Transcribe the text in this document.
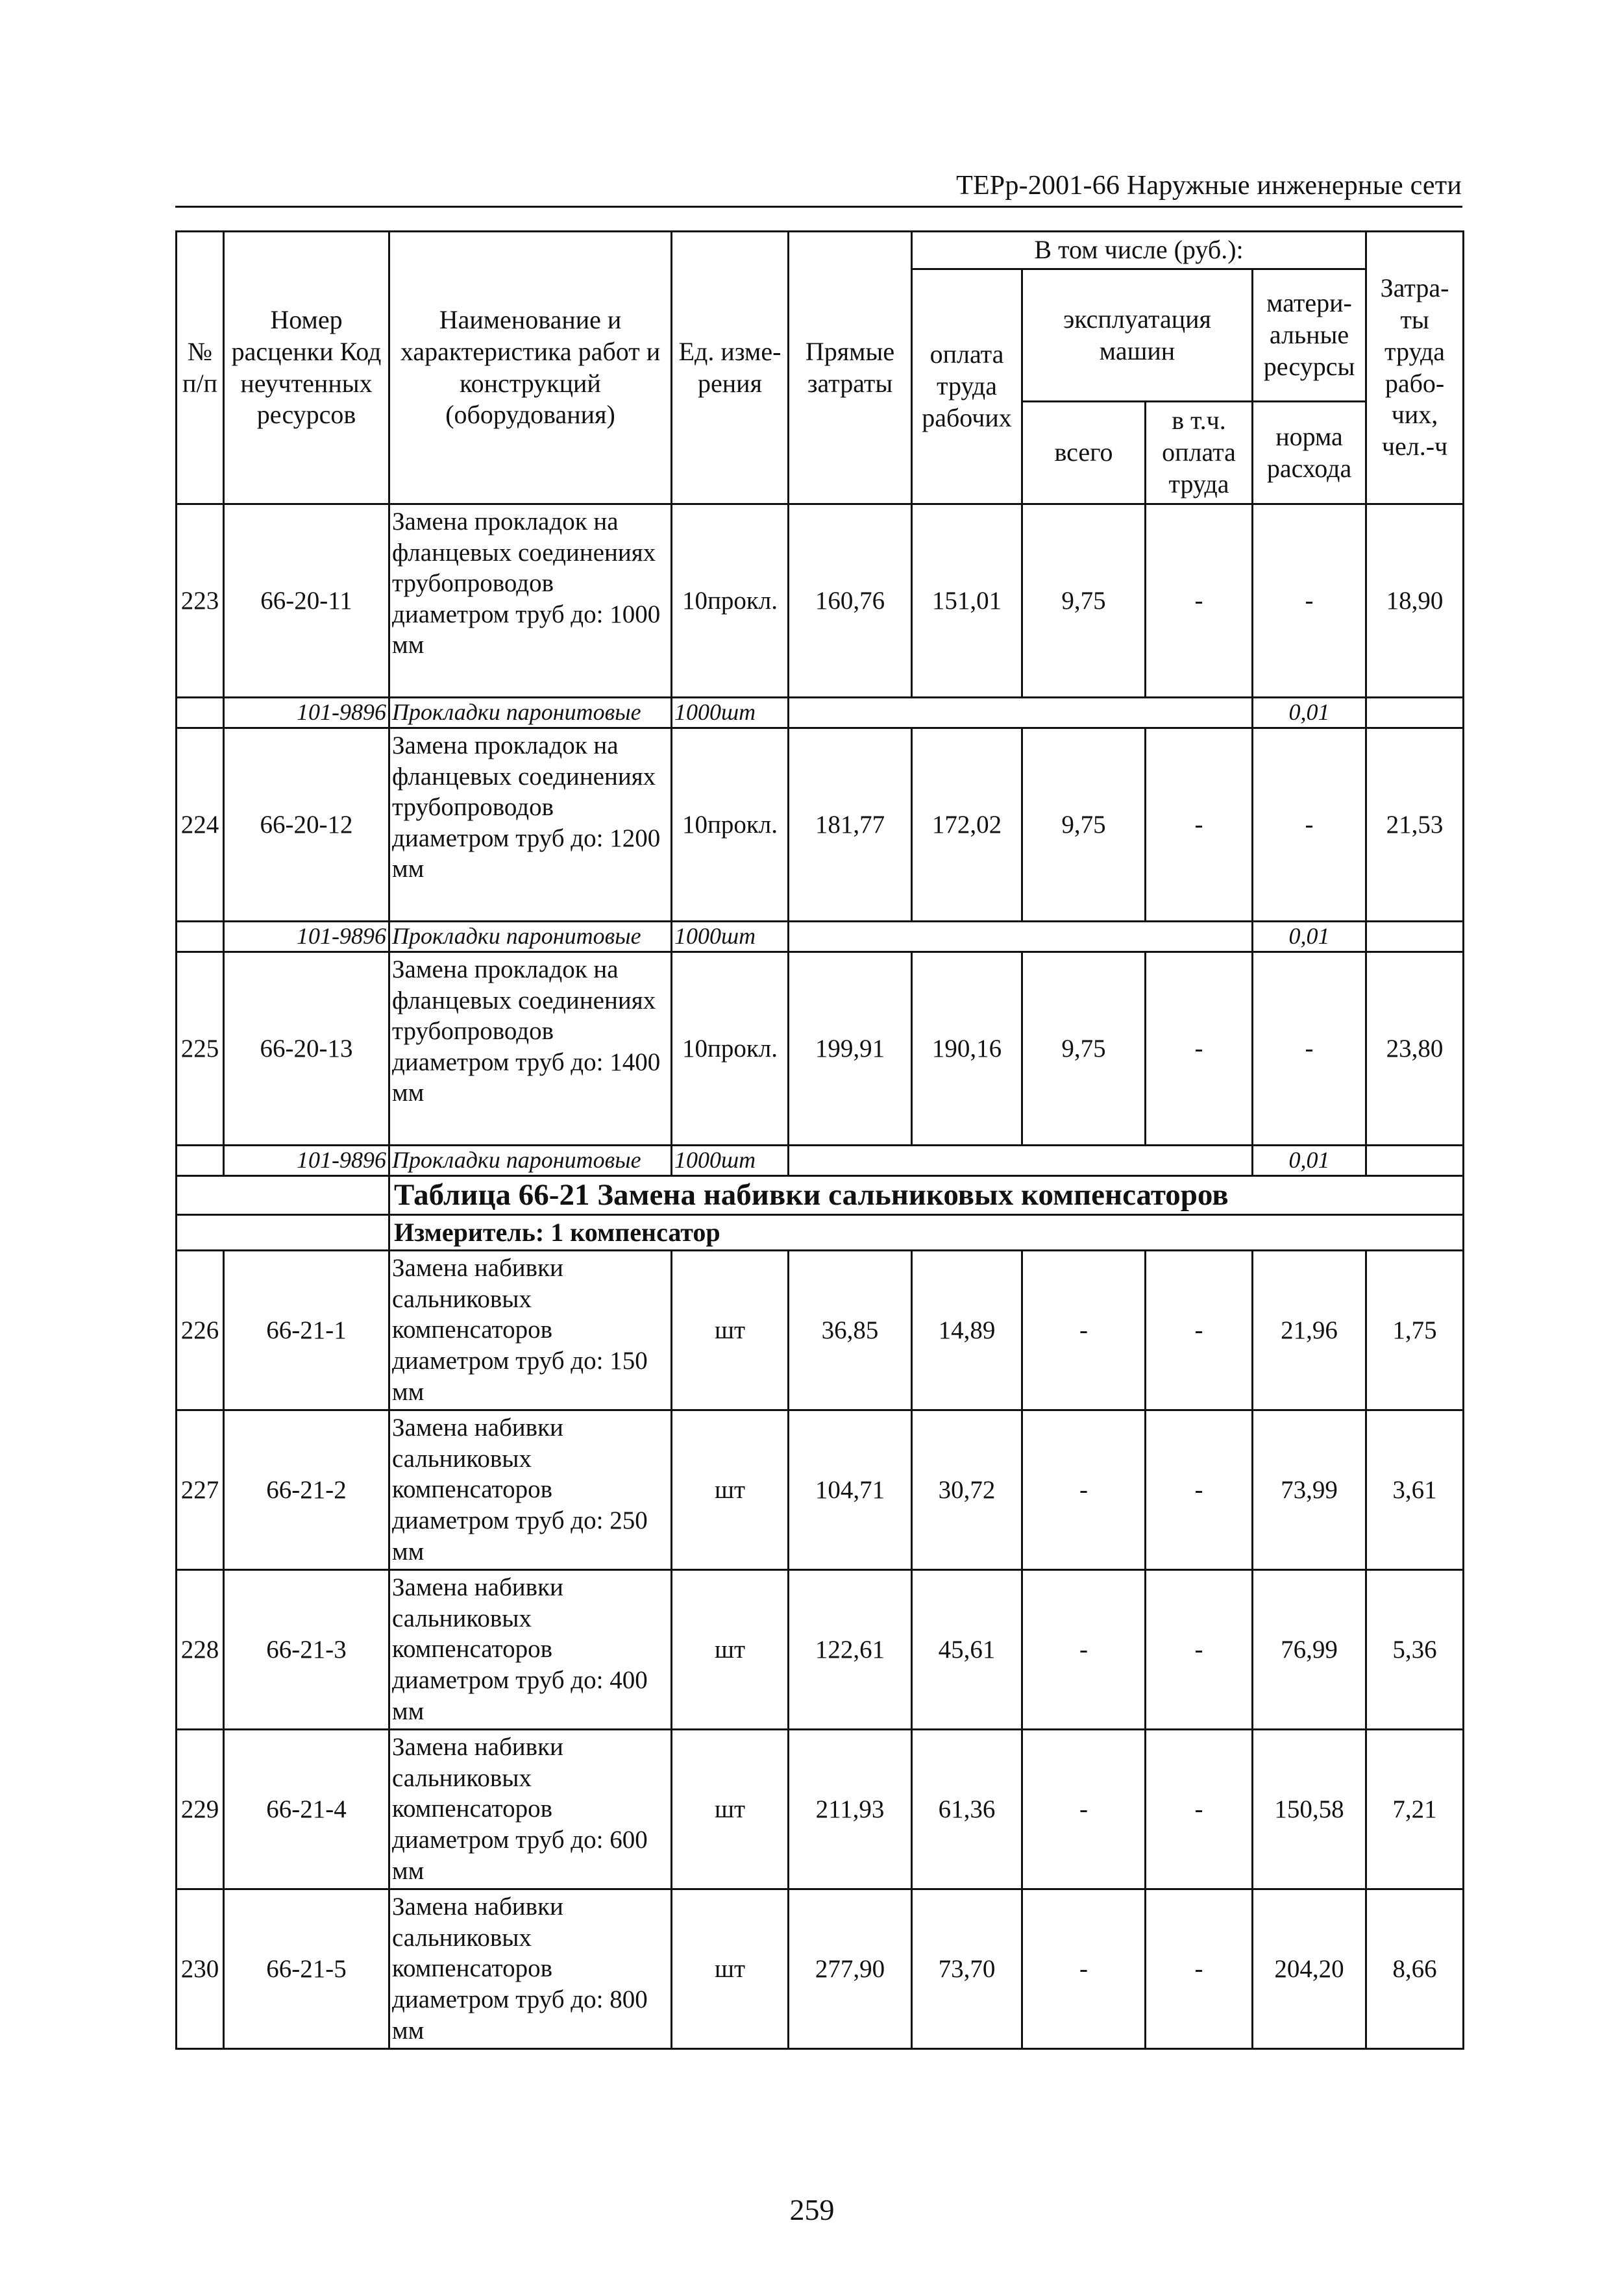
ТЕРр-2001-66 Наружные инженерные сети
№ п/п	Номер расценки Код неучтенных ресурсов	Наименование и характеристика работ и конструкций (оборудования)	Ед. изме- рения	Прямые затраты	В том числе (руб.):				Затра- ты труда рабо- чих, чел.-ч
					оплата труда рабочих	эксплуатация машин		матери- альные ресурсы	
						всего	в т.ч. оплата труда	норма расхода	
223	66-20-11	Замена прокладок на фланцевых соединениях трубопроводов диаметром труб до: 1000 мм	10прокл.	160,76	151,01	9,75	-	-	18,90
	101-9896	Прокладки паронитовые	1000шт					0,01	
224	66-20-12	Замена прокладок на фланцевых соединениях трубопроводов диаметром труб до: 1200 мм	10прокл.	181,77	172,02	9,75	-	-	21,53
	101-9896	Прокладки паронитовые	1000шт					0,01	
225	66-20-13	Замена прокладок на фланцевых соединениях трубопроводов диаметром труб до: 1400 мм	10прокл.	199,91	190,16	9,75	-	-	23,80
	101-9896	Прокладки паронитовые	1000шт					0,01	
		Таблица 66-21 Замена набивки сальниковых компенсаторов							
		Измеритель: 1 компенсатор							
226	66-21-1	Замена набивки сальниковых компенсаторов диаметром труб до: 150 мм	шт	36,85	14,89	-	-	21,96	1,75
227	66-21-2	Замена набивки сальниковых компенсаторов диаметром труб до: 250 мм	шт	104,71	30,72	-	-	73,99	3,61
228	66-21-3	Замена набивки сальниковых компенсаторов диаметром труб до: 400 мм	шт	122,61	45,61	-	-	76,99	5,36
229	66-21-4	Замена набивки сальниковых компенсаторов диаметром труб до: 600 мм	шт	211,93	61,36	-	-	150,58	7,21
230	66-21-5	Замена набивки сальниковых компенсаторов диаметром труб до: 800 мм	шт	277,90	73,70	-	-	204,20	8,66
259
